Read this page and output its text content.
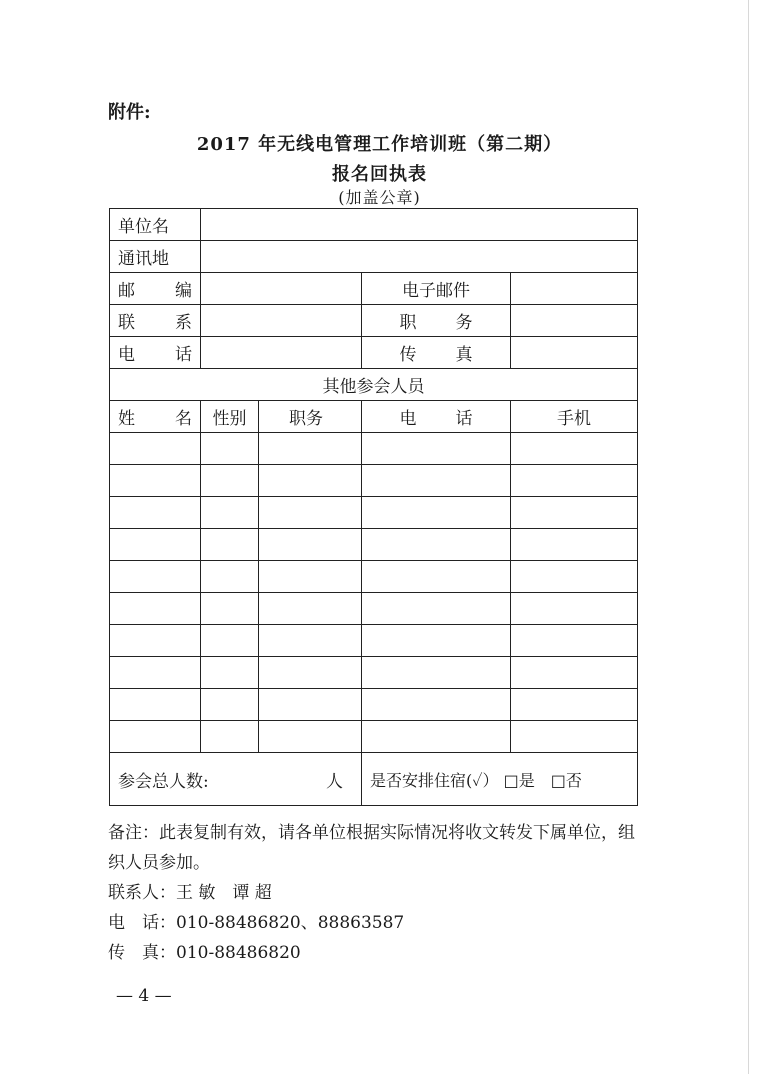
附件:
2017 年无线电管理工作培训班（第二期）
报名回执表
(加盖公章)
单位名				
通讯地				

邮 编			电子邮件	

联 系			职 务	

电 话			传 真	

其他参会人员				

姓 名	性别	职务	电 话	手机

参会总人数: 人			是否安排住宿(✓） □是　□否	

备注：此表复制有效，请各单位根据实际情况将收文转发下属单位，组织人员参加。

联系人：王 敏　谭 超

电　话：010-88486820、88863587

传　真：010-88486820

— 4 —
